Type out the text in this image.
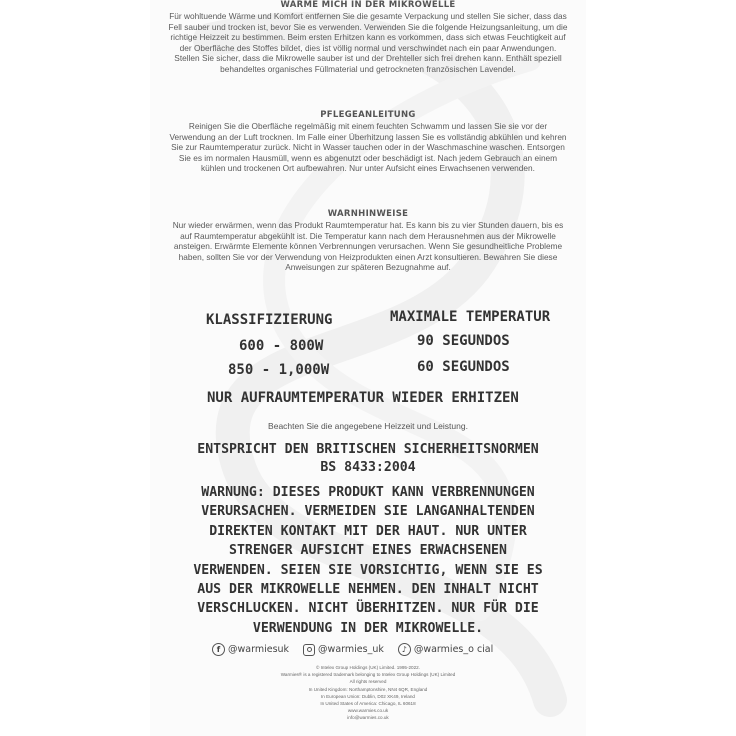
WÄRME MICH IN DER MIKROWELLE
Für wohltuende Wärme und Komfort entfernen Sie die gesamte Verpackung und stellen Sie sicher, dass das Fell sauber und trocken ist, bevor Sie es verwenden. Verwenden Sie die folgende Heizungsanleitung, um die richtige Heizzeit zu bestimmen. Beim ersten Erhitzen kann es vorkommen, dass sich etwas Feuchtigkeit auf der Oberfläche des Stoffes bildet, dies ist völlig normal und verschwindet nach ein paar Anwendungen. Stellen Sie sicher, dass die Mikrowelle sauber ist und der Drehteller sich frei drehen kann. Enthält speziell behandeltes organisches Füllmaterial und getrockneten französischen Lavendel.
PFLEGEANLEITUNG
Reinigen Sie die Oberfläche regelmäßig mit einem feuchten Schwamm und lassen Sie sie vor der Verwendung an der Luft trocknen. Im Falle einer Überhitzung lassen Sie es vollständig abkühlen und kehren Sie zur Raumtemperatur zurück. Nicht in Wasser tauchen oder in der Waschmaschine waschen. Entsorgen Sie es im normalen Hausmüll, wenn es abgenutzt oder beschädigt ist. Nach jedem Gebrauch an einem kühlen und trockenen Ort aufbewahren. Nur unter Aufsicht eines Erwachsenen verwenden.
WARNHINWEISE
Nur wieder erwärmen, wenn das Produkt Raumtemperatur hat. Es kann bis zu vier Stunden dauern, bis es auf Raumtemperatur abgekühlt ist. Die Temperatur kann nach dem Herausnehmen aus der Mikrowelle ansteigen. Erwärmte Elemente können Verbrennungen verursachen. Wenn Sie gesundheitliche Probleme haben, sollten Sie vor der Verwendung von Heizprodukten einen Arzt konsultieren. Bewahren Sie diese Anweisungen zur späteren Bezugnahme auf.
KLASSIFIZIERUNG	MAXIMALE TEMPERATUR
600 - 800W	90 SEGUNDOS
850 - 1,000W	60 SEGUNDOS
NUR AUFRAUMTEMPERATUR WIEDER ERHITZEN
Beachten Sie die angegebene Heizzeit und Leistung.
ENTSPRICHT DEN BRITISCHEN SICHERHEITSNORMEN
BS 8433:2004
WARNUNG: DIESES PRODUKT KANN VERBRENNUNGEN
VERURSACHEN. VERMEIDEN SIE LANGANHALTENDEN
DIREKTEN KONTAKT MIT DER HAUT. NUR UNTER
STRENGER AUFSICHT EINES ERWACHSENEN
VERWENDEN. SEIEN SIE VORSICHTIG, WENN SIE ES
AUS DER MIKROWELLE NEHMEN. DEN INHALT NICHT
VERSCHLUCKEN. NICHT ÜBERHITZEN. NUR FÜR DIE
VERWENDUNG IN DER MIKROWELLE.
f @warmiesuk	@warmies_uk	♪ @warmies_o cial
© Intelex Group Holdings (UK) Limited. 1995-2022.
Warmies® is a registered trademark belonging to Intelex Group Holdings (UK) Limited
All rights reserved
In United Kingdom: Northamptonshire, NN4 6QR, England
In European Union: Dublin, D02 XK49, Ireland
In United States of America: Chicago, IL 60618
www.warmies.co.uk
info@warmies.co.uk
